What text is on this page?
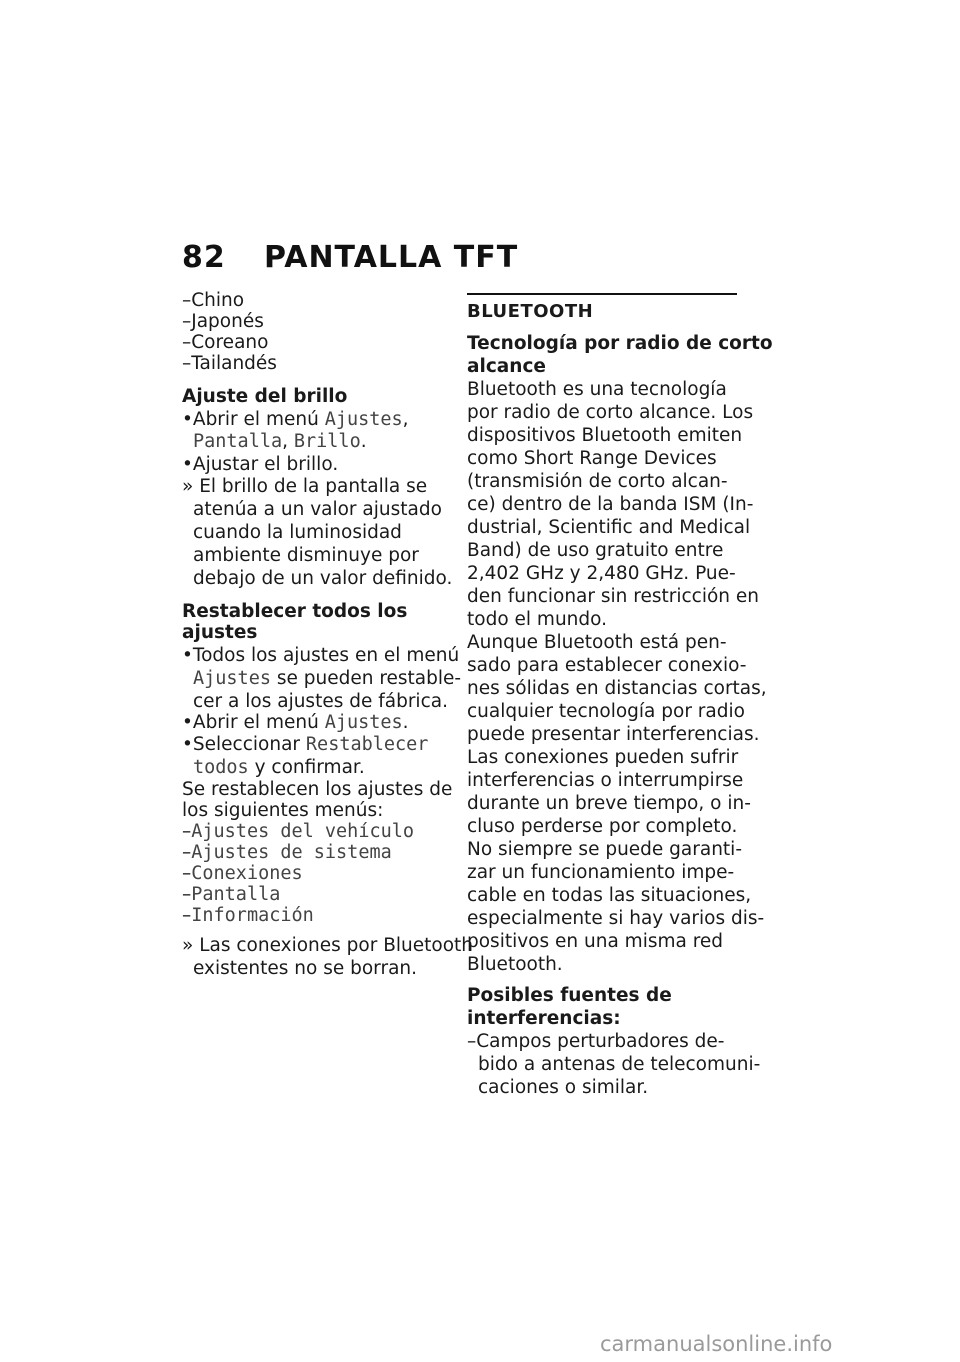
82 PANTALLA TFT
–Chino
–Japonés
–Coreano
–Tailandés
Ajuste del brillo
•Abrir el menú Ajustes,
Pantalla, Brillo.
•Ajustar el brillo.
» El brillo de la pantalla se
atenúa a un valor ajustado
cuando la luminosidad
ambiente disminuye por
debajo de un valor definido.
Restablecer todos los ajustes
•Todos los ajustes en el menú
Ajustes se pueden restable-
cer a los ajustes de fábrica.
•Abrir el menú Ajustes.
•Seleccionar Restablecer
todos y confirmar.
Se restablecen los ajustes de
los siguientes menús:
–Ajustes del vehículo
–Ajustes de sistema
–Conexiones
–Pantalla
–Información
» Las conexiones por Bluetooth
existentes no se borran.
BLUETOOTH
Tecnología por radio de corto
alcance
Bluetooth es una tecnología
por radio de corto alcance. Los
dispositivos Bluetooth emiten
como Short Range Devices
(transmisión de corto alcan-
ce) dentro de la banda ISM (In-
dustrial, Scientific and Medical
Band) de uso gratuito entre
2,402 GHz y 2,480 GHz. Pue-
den funcionar sin restricción en
todo el mundo.
Aunque Bluetooth está pen-
sado para establecer conexio-
nes sólidas en distancias cortas,
cualquier tecnología por radio
puede presentar interferencias.
Las conexiones pueden sufrir
interferencias o interrumpirse
durante un breve tiempo, o in-
cluso perderse por completo.
No siempre se puede garanti-
zar un funcionamiento impe-
cable en todas las situaciones,
especialmente si hay varios dis-
positivos en una misma red
Bluetooth.
Posibles fuentes de
interferencias:
–Campos perturbadores de-
bido a antenas de telecomuni-
caciones o similar.
carmanualsonline.info
